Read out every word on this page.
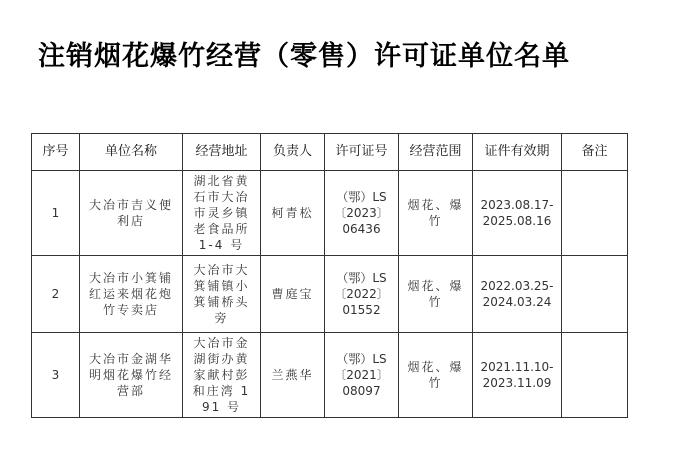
注销烟花爆竹经营（零售）许可证单位名单
序号	单位名称	经营地址	负责人	许可证号	经营范围	证件有效期	备注
1	大冶市吉义便利店	湖北省黄石市大冶市灵乡镇老食品所 1-4 号	柯青松	（鄂）LS〔2023〕06436	烟花、爆竹	2023.08.17-2025.08.16	
2	大冶市小箕铺红运来烟花炮竹专卖店	大冶市大箕铺镇小箕铺桥头旁	曹庭宝	（鄂）LS〔2022〕01552	烟花、爆竹	2022.03.25-2024.03.24	
3	大冶市金湖华明烟花爆竹经营部	大冶市金湖街办黄家献村彭和庄湾 191 号	兰燕华	（鄂）LS〔2021〕08097	烟花、爆竹	2021.11.10-2023.11.09	
